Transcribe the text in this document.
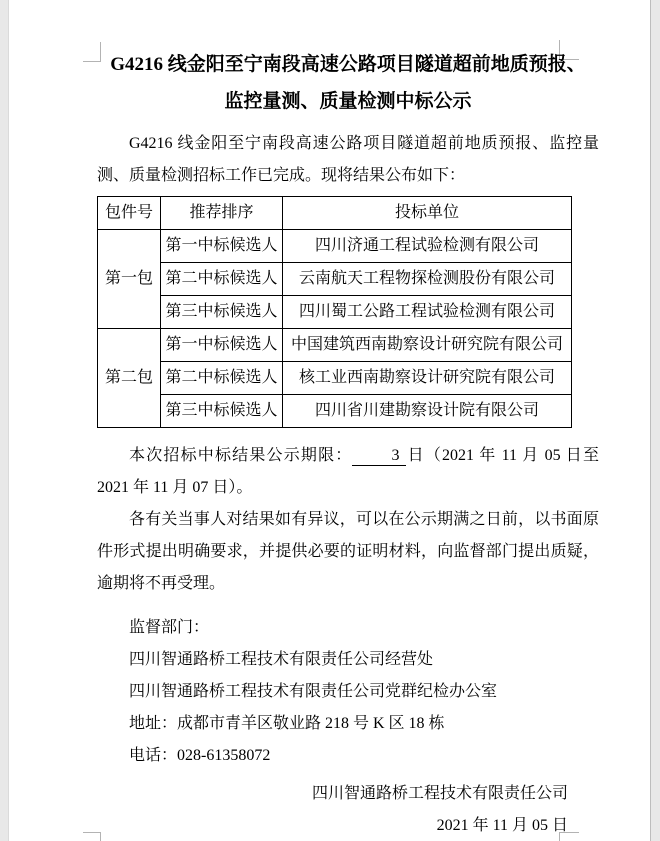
G4216 线金阳至宁南段高速公路项目隧道超前地质预报、
监控量测、质量检测中标公示

G4216 线金阳至宁南段高速公路项目隧道超前地质预报、监控量测、质量检测招标工作已完成。现将结果公布如下：

包件号	推荐排序	投标单位
第一包	第一中标候选人	四川济通工程试验检测有限公司
	第二中标候选人	云南航天工程物探检测股份有限公司
	第三中标候选人	四川蜀工公路工程试验检测有限公司
第二包	第一中标候选人	中国建筑西南勘察设计研究院有限公司
	第二中标候选人	核工业西南勘察设计研究院有限公司
	第三中标候选人	四川省川建勘察设计院有限公司

本次招标中标结果公示期限： 3 日（2021 年 11 月 05 日至 2021 年 11 月 07 日）。

各有关当事人对结果如有异议，可以在公示期满之日前，以书面原件形式提出明确要求，并提供必要的证明材料，向监督部门提出质疑，逾期将不再受理。

监督部门：
四川智通路桥工程技术有限责任公司经营处
四川智通路桥工程技术有限责任公司党群纪检办公室
地址：成都市青羊区敬业路 218 号 K 区 18 栋
电话：028-61358072
四川智通路桥工程技术有限责任公司
2021 年 11 月 05 日
